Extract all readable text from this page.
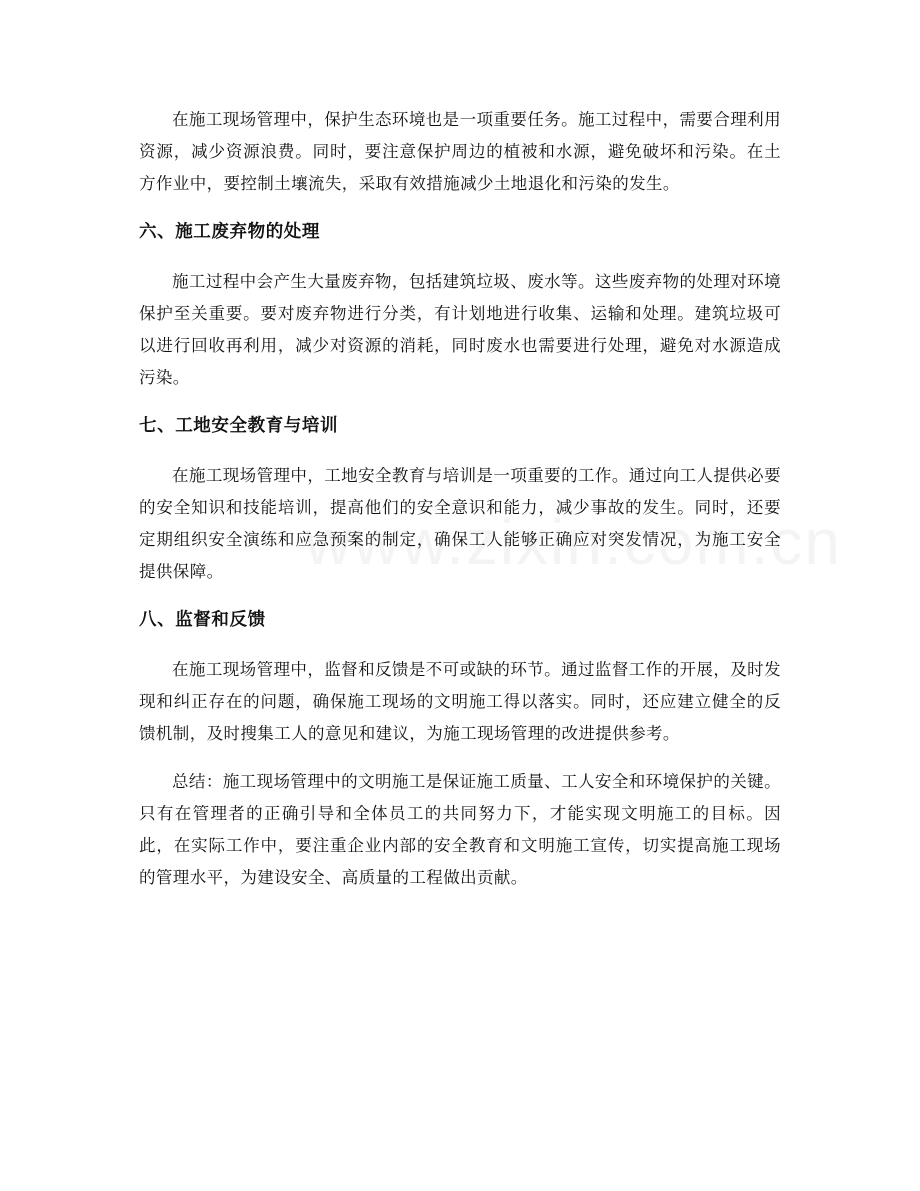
在施工现场管理中，保护生态环境也是一项重要任务。施工过程中，需要合理利用资源，减少资源浪费。同时，要注意保护周边的植被和水源，避免破坏和污染。在土方作业中，要控制土壤流失，采取有效措施减少土地退化和污染的发生。

六、施工废弃物的处理

施工过程中会产生大量废弃物，包括建筑垃圾、废水等。这些废弃物的处理对环境保护至关重要。要对废弃物进行分类，有计划地进行收集、运输和处理。建筑垃圾可以进行回收再利用，减少对资源的消耗，同时废水也需要进行处理，避免对水源造成污染。

七、工地安全教育与培训

在施工现场管理中，工地安全教育与培训是一项重要的工作。通过向工人提供必要的安全知识和技能培训，提高他们的安全意识和能力，减少事故的发生。同时，还要定期组织安全演练和应急预案的制定，确保工人能够正确应对突发情况，为施工安全提供保障。

八、监督和反馈

在施工现场管理中，监督和反馈是不可或缺的环节。通过监督工作的开展，及时发现和纠正存在的问题，确保施工现场的文明施工得以落实。同时，还应建立健全的反馈机制，及时搜集工人的意见和建议，为施工现场管理的改进提供参考。

总结：施工现场管理中的文明施工是保证施工质量、工人安全和环境保护的关键。只有在管理者的正确引导和全体员工的共同努力下，才能实现文明施工的目标。因此，在实际工作中，要注重企业内部的安全教育和文明施工宣传，切实提高施工现场的管理水平，为建设安全、高质量的工程做出贡献。
